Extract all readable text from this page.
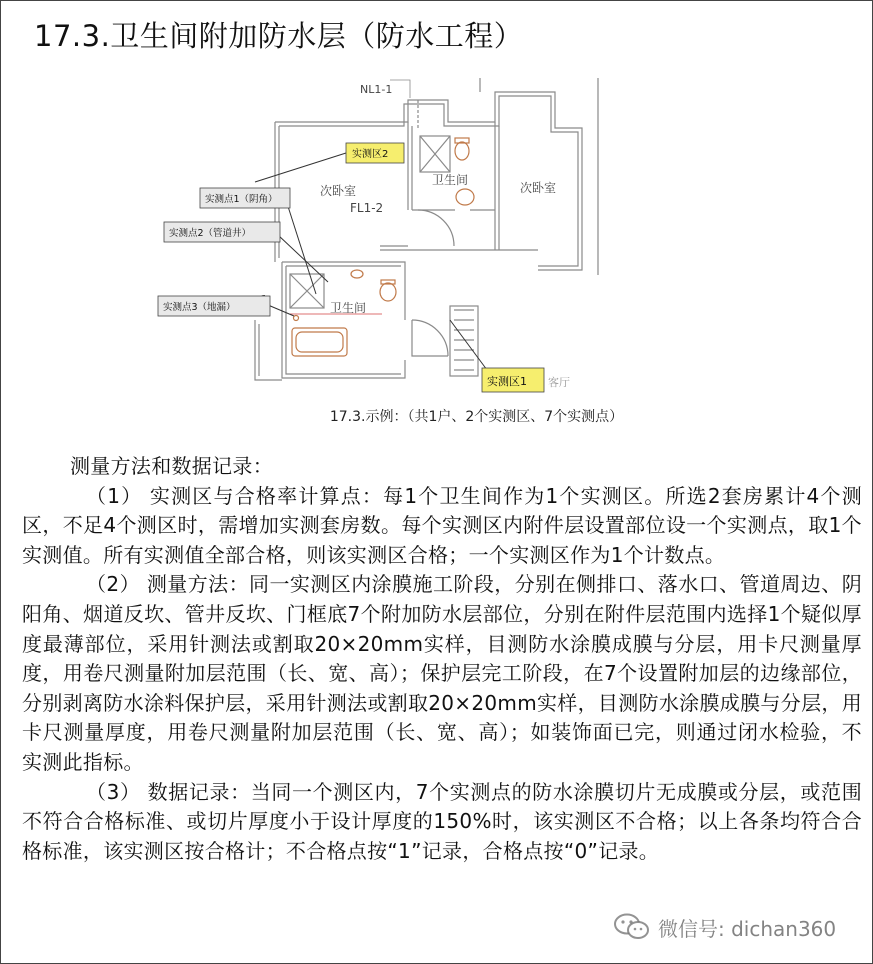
17.3.卫生间附加防水层（防水工程）
NL1-1
次卧室
FL1-2
卫生间
次卧室
卫生间
客厅
实测区2
实测点1（阴角）
实测点2（管道井）
实测点3（地漏）
实测区1
17.3.示例：（共1户、2个实测区、7个实测点）

测量方法和数据记录：

（1） 实测区与合格率计算点：每1个卫生间作为1个实测区。所选2套房累计4个测区，不足4个测区时，需增加实测套房数。每个实测区内附件层设置部位设一个实测点，取1个实测值。所有实测值全部合格，则该实测区合格；一个实测区作为1个计数点。

（2） 测量方法：同一实测区内涂膜施工阶段，分别在侧排口、落水口、管道周边、阴阳角、烟道反坎、管井反坎、门框底7个附加防水层部位，分别在附件层范围内选择1个疑似厚度最薄部位，采用针测法或割取20×20mm实样，目测防水涂膜成膜与分层，用卡尺测量厚度，用卷尺测量附加层范围（长、宽、高）；保护层完工阶段，在7个设置附加层的边缘部位，分别剥离防水涂料保护层，采用针测法或割取20×20mm实样，目测防水涂膜成膜与分层，用卡尺测量厚度，用卷尺测量附加层范围（长、宽、高）；如装饰面已完，则通过闭水检验，不实测此指标。

（3） 数据记录：当同一个测区内，7个实测点的防水涂膜切片无成膜或分层，或范围不符合合格标准、或切片厚度小于设计厚度的150%时，该实测区不合格；以上各条均符合合格标准，该实测区按合格计；不合格点按“1”记录，合格点按“0”记录。

微信号: dichan360
